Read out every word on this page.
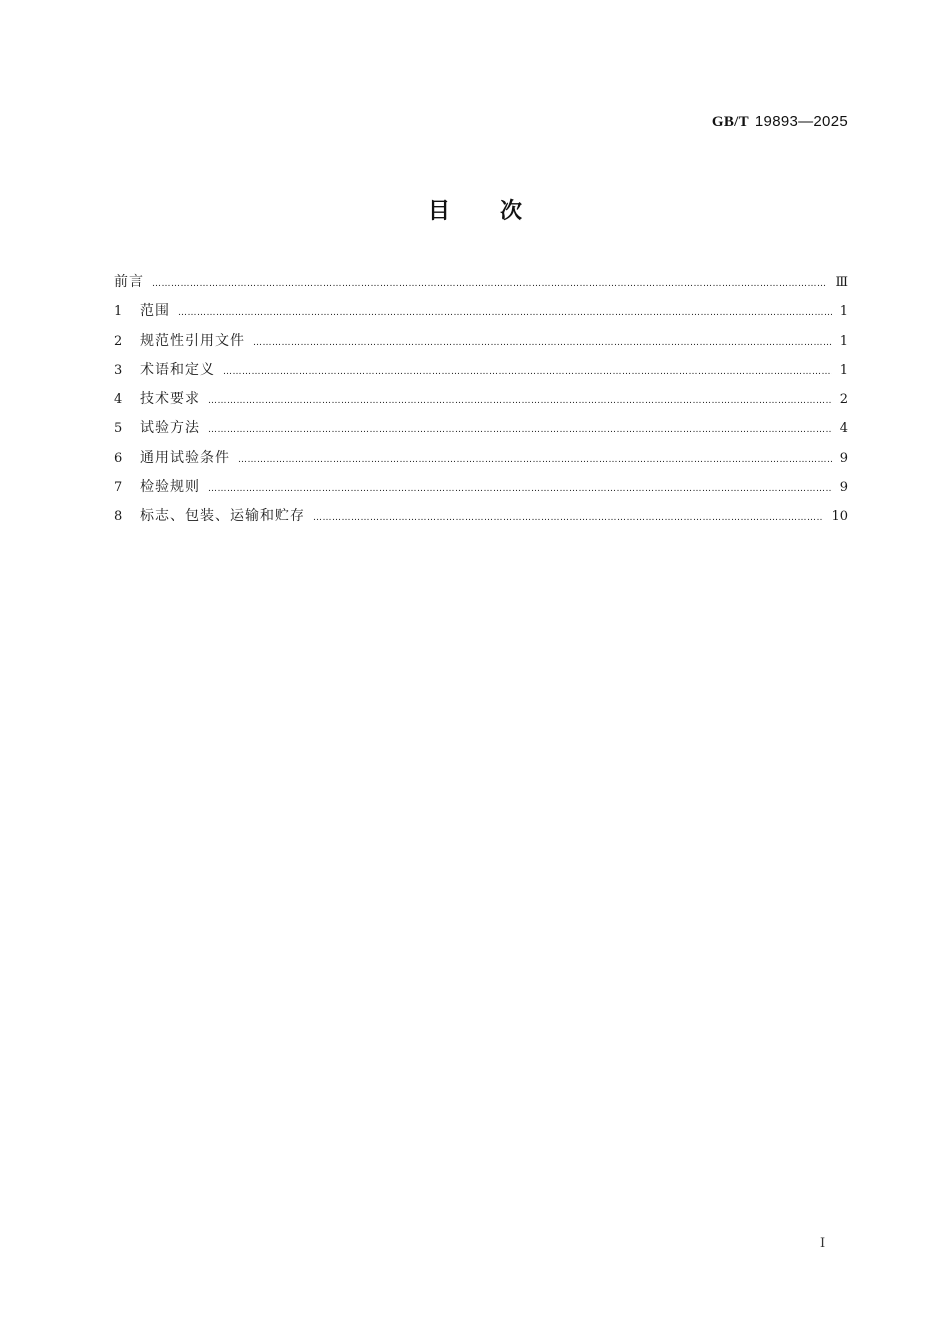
GB/T 19893—2025
目次
前言 ……………………………………………………………………………………………………………………………………………………………………………………………………	Ⅲ
1	范围 ……………………………………………………………………………………………………………………………………………………………………………………………………	1
2	规范性引用文件 ……………………………………………………………………………………………………………………………………………………………………………………………………	1
3	术语和定义 ……………………………………………………………………………………………………………………………………………………………………………………………………	1
4	技术要求 ……………………………………………………………………………………………………………………………………………………………………………………………………	2
5	试验方法 ……………………………………………………………………………………………………………………………………………………………………………………………………	4
6	通用试验条件 ……………………………………………………………………………………………………………………………………………………………………………………………………	9
7	检验规则 ……………………………………………………………………………………………………………………………………………………………………………………………………	9
8	标志、包装、运输和贮存 ……………………………………………………………………………………………………………………………………………………………………………………………………	10
Ⅰ
